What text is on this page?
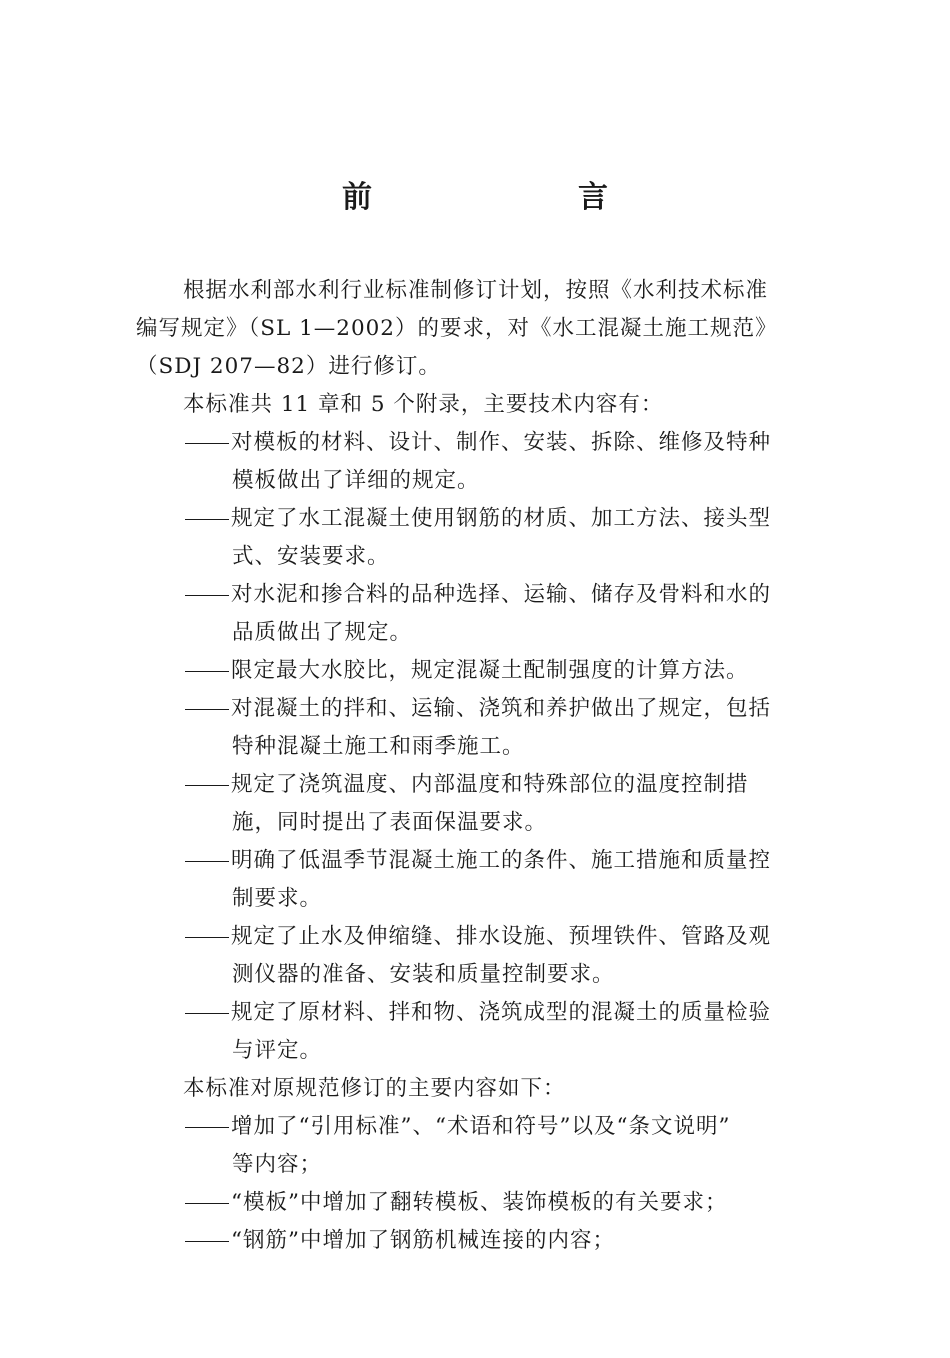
前　言
根据水利部水利行业标准制修订计划，按照《水利技术标准
编写规定》（SL 1—2002）的要求，对《水工混凝土施工规范》
（SDJ 207—82）进行修订。
本标准共 11 章和 5 个附录，主要技术内容有：
对模板的材料、设计、制作、安装、拆除、维修及特种
模板做出了详细的规定。
规定了水工混凝土使用钢筋的材质、加工方法、接头型
式、安装要求。
对水泥和掺合料的品种选择、运输、储存及骨料和水的
品质做出了规定。
限定最大水胶比，规定混凝土配制强度的计算方法。
对混凝土的拌和、运输、浇筑和养护做出了规定，包括
特种混凝土施工和雨季施工。
规定了浇筑温度、内部温度和特殊部位的温度控制措
施，同时提出了表面保温要求。
明确了低温季节混凝土施工的条件、施工措施和质量控
制要求。
规定了止水及伸缩缝、排水设施、预埋铁件、管路及观
测仪器的准备、安装和质量控制要求。
规定了原材料、拌和物、浇筑成型的混凝土的质量检验
与评定。
本标准对原规范修订的主要内容如下：
增加了“引用标准”、“术语和符号”以及“条文说明”
等内容；
“模板”中增加了翻转模板、装饰模板的有关要求；
“钢筋”中增加了钢筋机械连接的内容；
